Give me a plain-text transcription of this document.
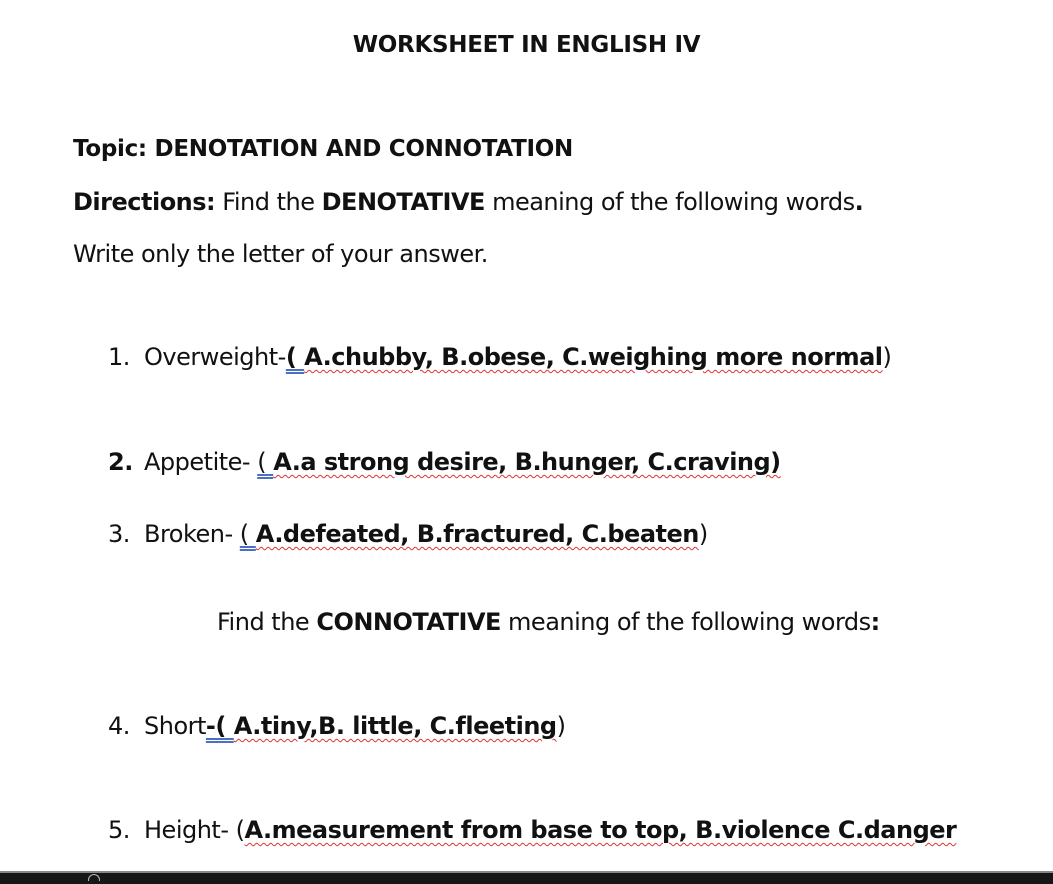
WORKSHEET IN ENGLISH IV
Topic: DENOTATION AND CONNOTATION
Directions: Find the DENOTATIVE meaning of the following words.
Write only the letter of your answer.
1. Overweight-( A.chubby, B.obese, C.weighing more normal)
2. Appetite- ( A.a strong desire, B.hunger, C.craving)
3. Broken- ( A.defeated, B.fractured, C.beaten)
Find the CONNOTATIVE meaning of the following words:
4. Short-( A.tiny,B. little, C.fleeting)
5. Height- (A.measurement from base to top, B.violence C.danger
